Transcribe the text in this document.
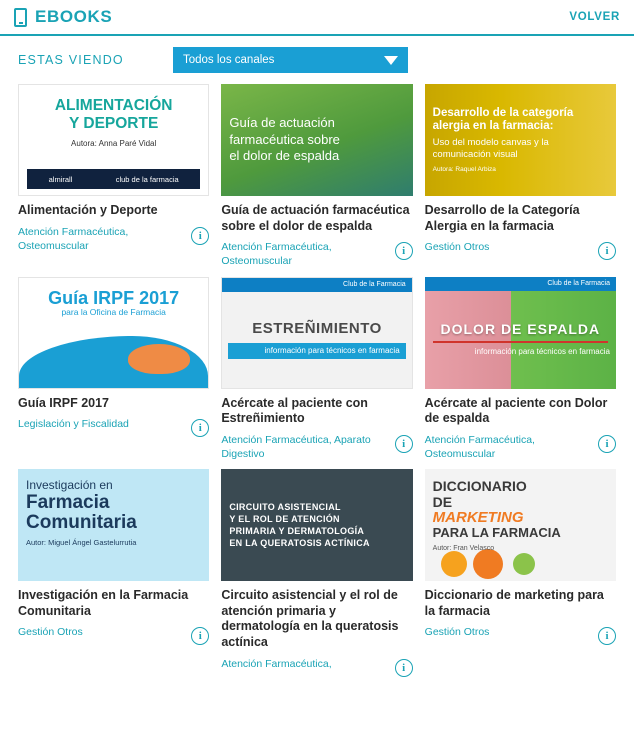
EBOOKS	VOLVER
ESTAS VIENDO	Todos los canales
ALIMENTACIÓN
Y DEPORTE
Autora: Anna Paré Vidal
almirall	club de la farmacia
Alimentación y Deporte
Atención Farmacéutica, Osteomuscular
i
Guía de actuación
farmacéutica sobre
el dolor de espalda
Guía de actuación farmacéutica sobre el dolor de espalda
Atención Farmacéutica, Osteomuscular
i
Desarrollo de la categoría
alergia en la farmacia:
Uso del modelo canvas y la comunicación visual
Autora: Raquel Arbiza
Desarrollo de la Categoría Alergia en la farmacia
Gestión Otros	i
Guía IRPF 2017
para la Oficina de Farmacia
Guía IRPF 2017
Legislación y Fiscalidad	i
Club de la Farmacia
ESTREÑIMIENTO
información para técnicos en farmacia
Acércate al paciente con Estreñimiento
Atención Farmacéutica, Aparato Digestivo
i
Club de la Farmacia
DOLOR DE ESPALDA
información para técnicos en farmacia
Acércate al paciente con Dolor de espalda
Atención Farmacéutica, Osteomuscular
i
Investigación en
Farmacia Comunitaria
Autor: Miguel Ángel Gastelurrutia
Investigación en la Farmacia Comunitaria
Gestión Otros	i
CIRCUITO ASISTENCIAL
Y EL ROL DE ATENCIÓN
PRIMARIA Y DERMATOLOGÍA
EN LA QUERATOSIS ACTÍNICA
Circuito asistencial y el rol de atención primaria y dermatología en la queratosis actínica
Atención Farmacéutica,	i
DICCIONARIO
DE
MARKETING
PARA LA FARMACIA
Autor: Fran Velasco
Diccionario de marketing para la farmacia
Gestión Otros	i
